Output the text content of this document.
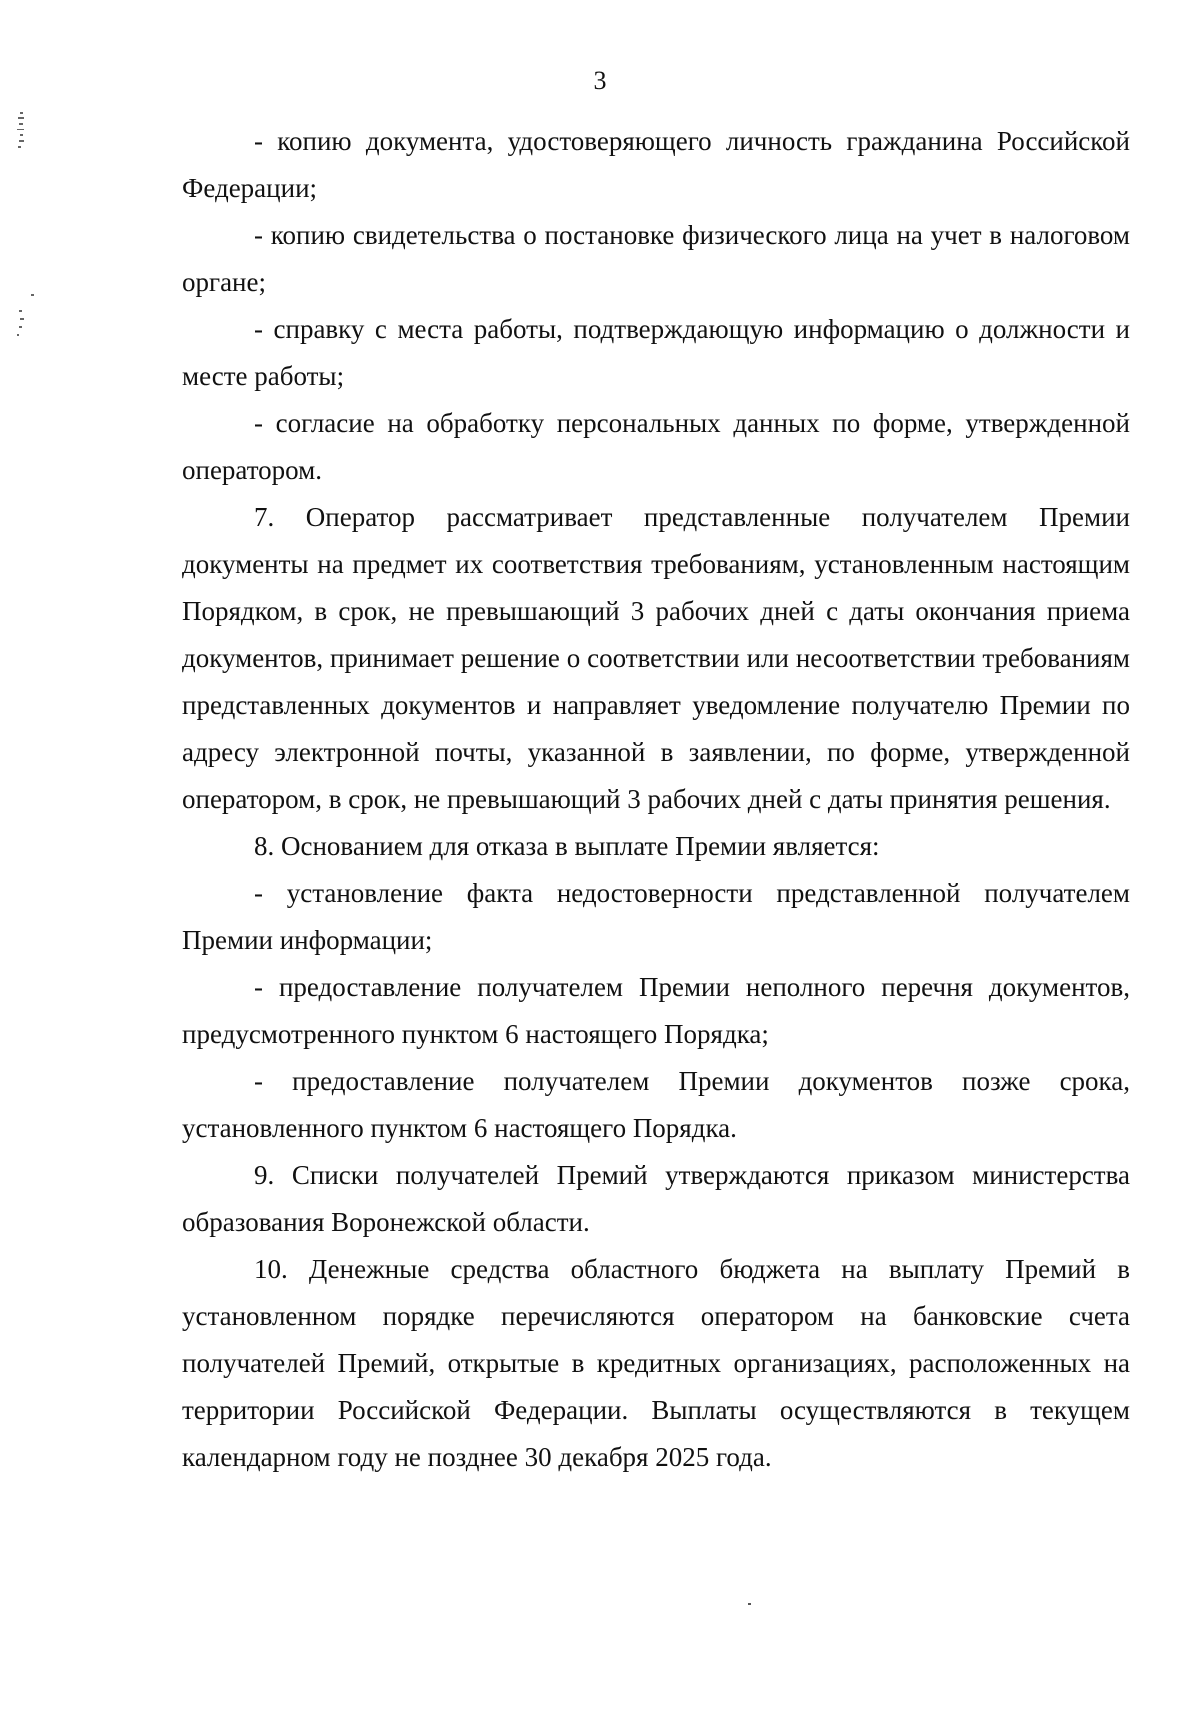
3

- копию документа, удостоверяющего личность гражданина Российской Федерации;

- копию свидетельства о постановке физического лица на учет в налоговом органе;

- справку с места работы, подтверждающую информацию о должности и месте работы;

- согласие на обработку персональных данных по форме, утвержденной оператором.

7. Оператор рассматривает представленные получателем Премии документы на предмет их соответствия требованиям, установленным настоящим Порядком, в срок, не превышающий 3 рабочих дней с даты окончания приема документов, принимает решение о соответствии или несоответствии требованиям представленных документов и направляет уведомление получателю Премии по адресу электронной почты, указанной в заявлении, по форме, утвержденной оператором, в срок, не превышающий 3 рабочих дней с даты принятия решения.

8. Основанием для отказа в выплате Премии является:

- установление факта недостоверности представленной получателем Премии информации;

- предоставление получателем Премии неполного перечня документов, предусмотренного пунктом 6 настоящего Порядка;

- предоставление получателем Премии документов позже срока, установленного пунктом 6 настоящего Порядка.

9. Списки получателей Премий утверждаются приказом министерства образования Воронежской области.

10. Денежные средства областного бюджета на выплату Премий в установленном порядке перечисляются оператором на банковские счета получателей Премий, открытые в кредитных организациях, расположенных на территории Российской Федерации. Выплаты осуществляются в текущем календарном году не позднее 30 декабря 2025 года.
